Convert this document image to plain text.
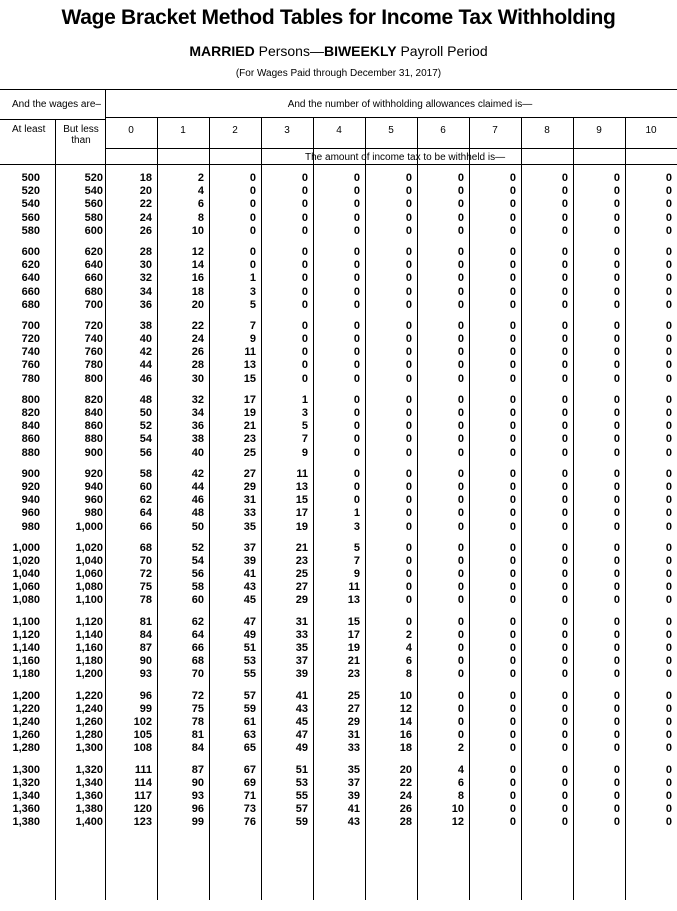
Wage Bracket Method Tables for Income Tax Withholding
MARRIED Persons—BIWEEKLY Payroll Period
(For Wages Paid through December 31, 2017)
And the wages are–	And the number of withholding allowances claimed is—
At least	But less
than
0	1	2	3	4	5	6	7	8	9	10
The amount of income tax to be withheld is—
500	520	18	2	0	0	0	0	0	0	0	0	0
520	540	20	4	0	0	0	0	0	0	0	0	0
540	560	22	6	0	0	0	0	0	0	0	0	0
560	580	24	8	0	0	0	0	0	0	0	0	0
580	600	26	10	0	0	0	0	0	0	0	0	0
600	620	28	12	0	0	0	0	0	0	0	0	0
620	640	30	14	0	0	0	0	0	0	0	0	0
640	660	32	16	1	0	0	0	0	0	0	0	0
660	680	34	18	3	0	0	0	0	0	0	0	0
680	700	36	20	5	0	0	0	0	0	0	0	0
700	720	38	22	7	0	0	0	0	0	0	0	0
720	740	40	24	9	0	0	0	0	0	0	0	0
740	760	42	26	11	0	0	0	0	0	0	0	0
760	780	44	28	13	0	0	0	0	0	0	0	0
780	800	46	30	15	0	0	0	0	0	0	0	0
800	820	48	32	17	1	0	0	0	0	0	0	0
820	840	50	34	19	3	0	0	0	0	0	0	0
840	860	52	36	21	5	0	0	0	0	0	0	0
860	880	54	38	23	7	0	0	0	0	0	0	0
880	900	56	40	25	9	0	0	0	0	0	0	0
900	920	58	42	27	11	0	0	0	0	0	0	0
920	940	60	44	29	13	0	0	0	0	0	0	0
940	960	62	46	31	15	0	0	0	0	0	0	0
960	980	64	48	33	17	1	0	0	0	0	0	0
980	1,000	66	50	35	19	3	0	0	0	0	0	0
1,000	1,020	68	52	37	21	5	0	0	0	0	0	0
1,020	1,040	70	54	39	23	7	0	0	0	0	0	0
1,040	1,060	72	56	41	25	9	0	0	0	0	0	0
1,060	1,080	75	58	43	27	11	0	0	0	0	0	0
1,080	1,100	78	60	45	29	13	0	0	0	0	0	0
1,100	1,120	81	62	47	31	15	0	0	0	0	0	0
1,120	1,140	84	64	49	33	17	2	0	0	0	0	0
1,140	1,160	87	66	51	35	19	4	0	0	0	0	0
1,160	1,180	90	68	53	37	21	6	0	0	0	0	0
1,180	1,200	93	70	55	39	23	8	0	0	0	0	0
1,200	1,220	96	72	57	41	25	10	0	0	0	0	0
1,220	1,240	99	75	59	43	27	12	0	0	0	0	0
1,240	1,260	102	78	61	45	29	14	0	0	0	0	0
1,260	1,280	105	81	63	47	31	16	0	0	0	0	0
1,280	1,300	108	84	65	49	33	18	2	0	0	0	0
1,300	1,320	111	87	67	51	35	20	4	0	0	0	0
1,320	1,340	114	90	69	53	37	22	6	0	0	0	0
1,340	1,360	117	93	71	55	39	24	8	0	0	0	0
1,360	1,380	120	96	73	57	41	26	10	0	0	0	0
1,380	1,400	123	99	76	59	43	28	12	0	0	0	0
